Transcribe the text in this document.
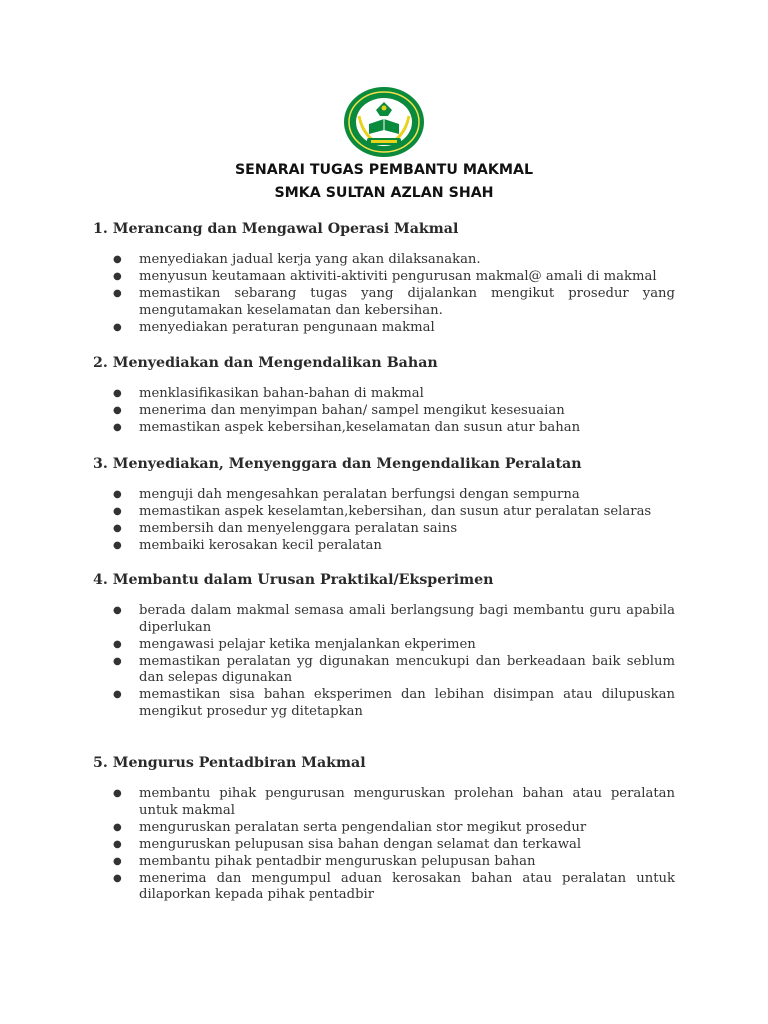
SENARAI TUGAS PEMBANTU MAKMAL
SMKA SULTAN AZLAN SHAH
1. Merancang dan Mengawal Operasi Makmal
● menyediakan jadual kerja yang akan dilaksanakan.
● menyusun keutamaan aktiviti-aktiviti pengurusan makmal@ amali di makmal
● memastikan sebarang tugas yang dijalankan mengikut prosedur yang mengutamakan keselamatan dan kebersihan.
● menyediakan peraturan pengunaan makmal
2. Menyediakan dan Mengendalikan Bahan
● menklasifikasikan bahan-bahan di makmal
● menerima dan menyimpan bahan/ sampel mengikut kesesuaian
● memastikan aspek kebersihan,keselamatan dan susun atur bahan
3. Menyediakan, Menyenggara dan Mengendalikan Peralatan
● menguji dah mengesahkan peralatan berfungsi dengan sempurna
● memastikan aspek keselamtan,kebersihan, dan susun atur peralatan selaras
● membersih dan menyelenggara peralatan sains
● membaiki kerosakan kecil peralatan
4. Membantu dalam Urusan Praktikal/Eksperimen
● berada dalam makmal semasa amali berlangsung bagi membantu guru apabila diperlukan
● mengawasi pelajar ketika menjalankan ekperimen
● memastikan peralatan yg digunakan mencukupi dan berkeadaan baik seblum dan selepas digunakan
● memastikan sisa bahan eksperimen dan lebihan disimpan atau dilupuskan mengikut prosedur yg ditetapkan
5. Mengurus Pentadbiran Makmal
● membantu pihak pengurusan menguruskan prolehan bahan atau peralatan untuk makmal
● menguruskan peralatan serta pengendalian stor megikut prosedur
● menguruskan pelupusan sisa bahan dengan selamat dan terkawal
● membantu pihak pentadbir menguruskan pelupusan bahan
● menerima dan mengumpul aduan kerosakan bahan atau peralatan untuk dilaporkan kepada pihak pentadbir
